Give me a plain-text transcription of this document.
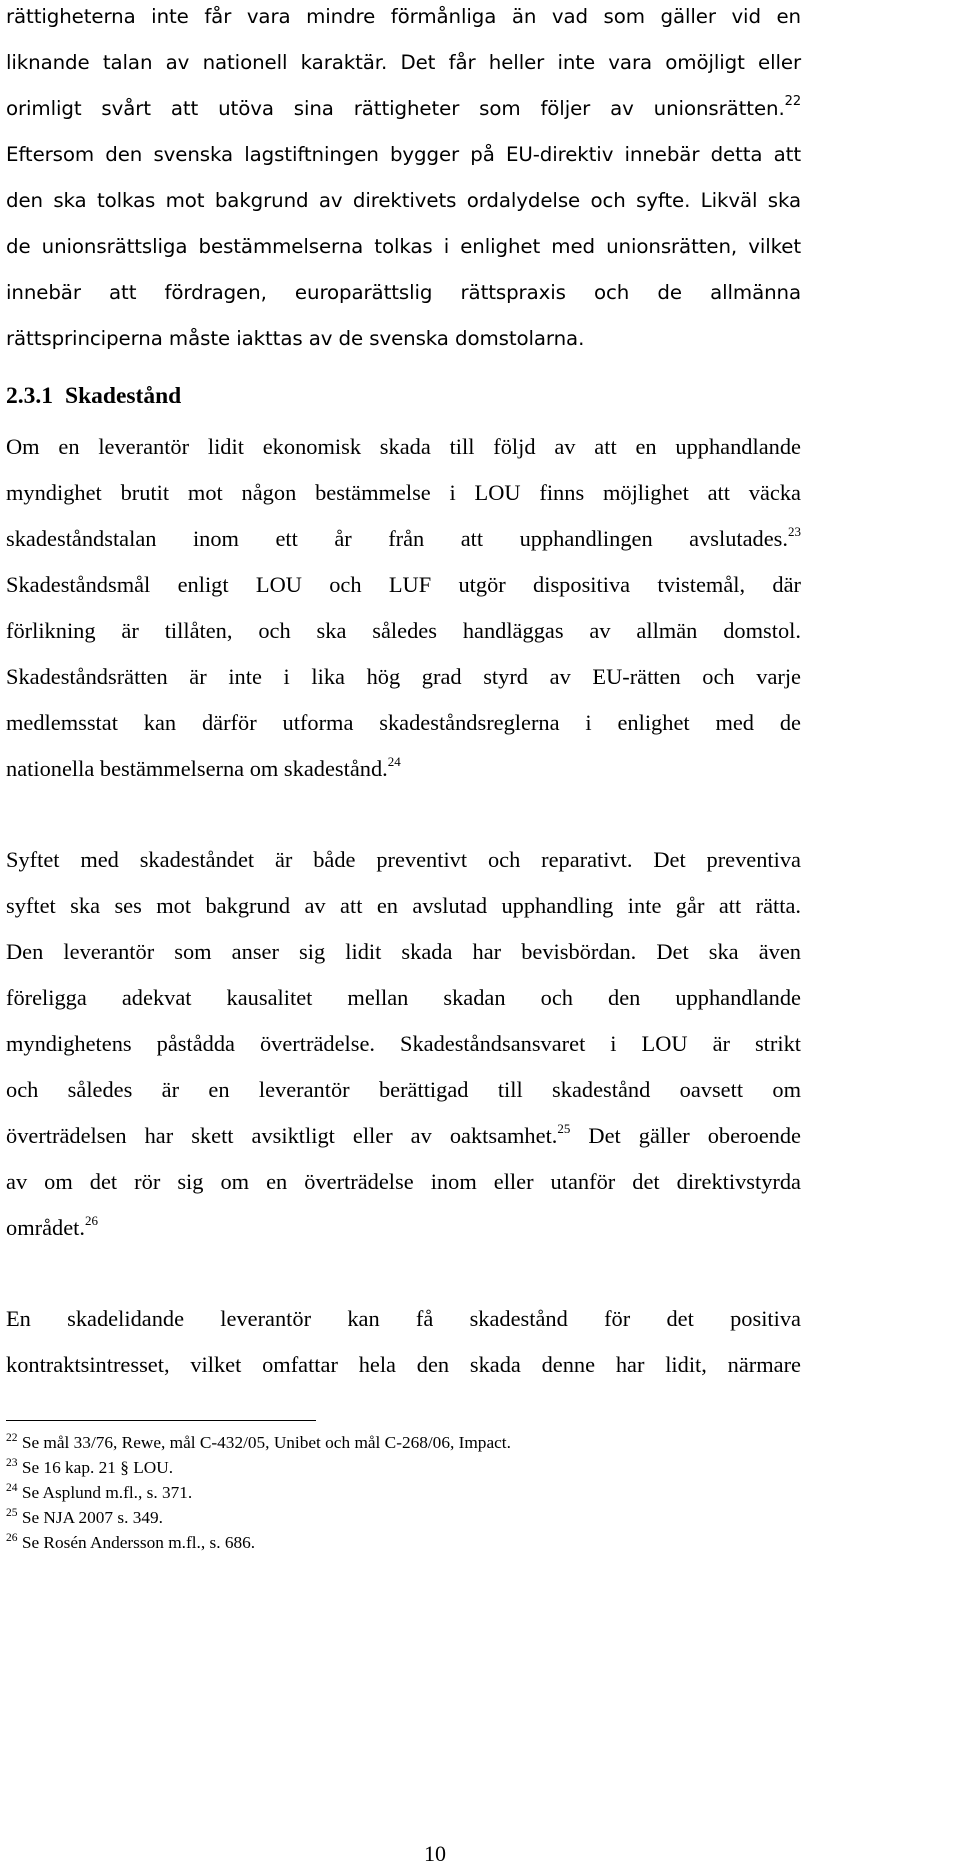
rättigheterna inte får vara mindre förmånliga än vad som gäller vid en
liknande talan av nationell karaktär. Det får heller inte vara omöjligt eller
orimligt svårt att utöva sina rättigheter som följer av unionsrätten.$^{22}$
Eftersom den svenska lagstiftningen bygger på EU-direktiv innebär detta att
den ska tolkas mot bakgrund av direktivets ordalydelse och syfte. Likväl ska
de unionsrättsliga bestämmelserna tolkas i enlighet med unionsrätten, vilket
innebär att fördragen, europarättslig rättspraxis och de allmänna
rättsprinciperna måste iakttas av de svenska domstolarna.
2.3.1 Skadestånd
Om en leverantör lidit ekonomisk skada till följd av att en upphandlande
myndighet brutit mot någon bestämmelse i LOU finns möjlighet att väcka
skadeståndstalan inom ett år från att upphandlingen avslutades.$^{23}$
Skadeståndsmål enligt LOU och LUF utgör dispositiva tvistemål, där
förlikning är tillåten, och ska således handläggas av allmän domstol.
Skadeståndsrätten är inte i lika hög grad styrd av EU-rätten och varje
medlemsstat kan därför utforma skadeståndsreglerna i enlighet med de
nationella bestämmelserna om skadestånd.$^{24}$
Syftet med skadeståndet är både preventivt och reparativt. Det preventiva
syftet ska ses mot bakgrund av att en avslutad upphandling inte går att rätta.
Den leverantör som anser sig lidit skada har bevisbördan. Det ska även
föreligga adekvat kausalitet mellan skadan och den upphandlande
myndighetens påstådda överträdelse. Skadeståndsansvaret i LOU är strikt
och således är en leverantör berättigad till skadestånd oavsett om
överträdelsen har skett avsiktligt eller av oaktsamhet.$^{25}$ Det gäller oberoende
av om det rör sig om en överträdelse inom eller utanför det direktivstyrda
området.$^{26}$
En skadelidande leverantör kan få skadestånd för det positiva
kontraktsintresset, vilket omfattar hela den skada denne har lidit, närmare
$^{22}$ Se mål 33/76, Rewe, mål C-432/05, Unibet och mål C-268/06, Impact.
$^{23}$ Se 16 kap. 21 § LOU.
$^{24}$ Se Asplund m.fl., s. 371.
$^{25}$ Se NJA 2007 s. 349.
$^{26}$ Se Rosén Andersson m.fl., s. 686.

10
